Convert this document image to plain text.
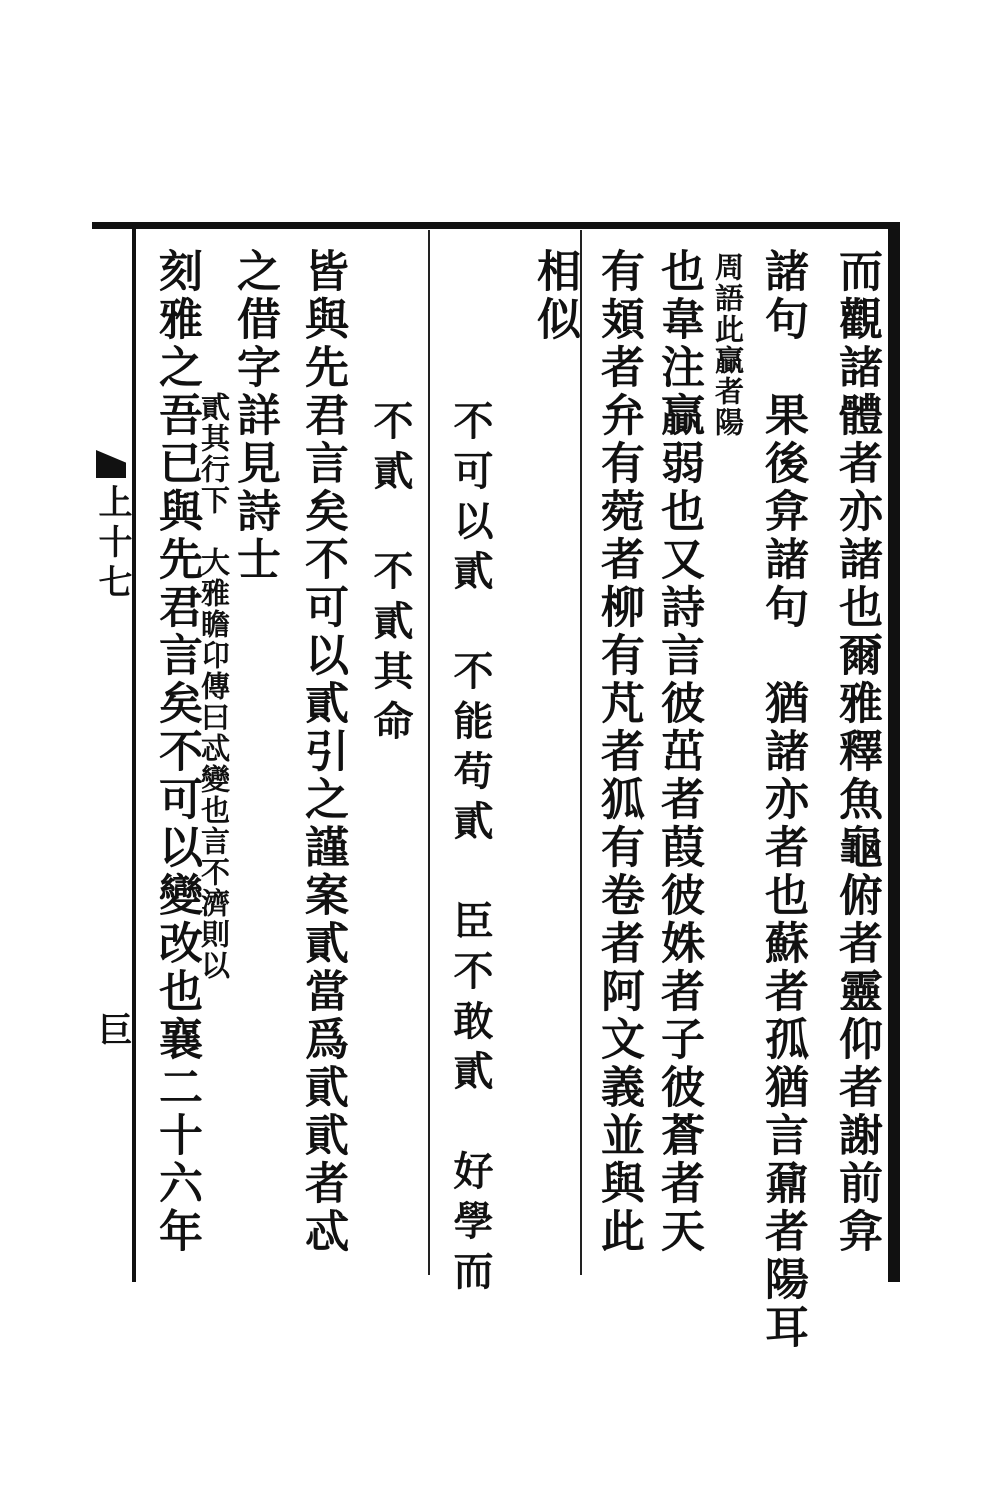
上十七
巨	而觀諸體者亦諸也爾雅釋魚龜俯者靈仰者謝前弇
諸句　果後弇諸句　猶諸亦者也蘇者孤猶言鼐者陽耳
周語此贏者陽
也韋注贏弱也又詩言彼茁者葭彼姝者子彼蒼者天
有頍者弁有菀者柳有芃者狐有卷者阿文義並與此
相似
不可以貳　不能苟貳　臣不敢貳　好學而
不貳　不貳其命
皆與先君言矣不可以貳引之謹案貳當爲貮貮者忒
之借字詳見詩士
貳其行下　大雅瞻卬傳曰忒變也言不濟則以
刻雅之吾已與先君言矣不可以變改也襄二十六年
